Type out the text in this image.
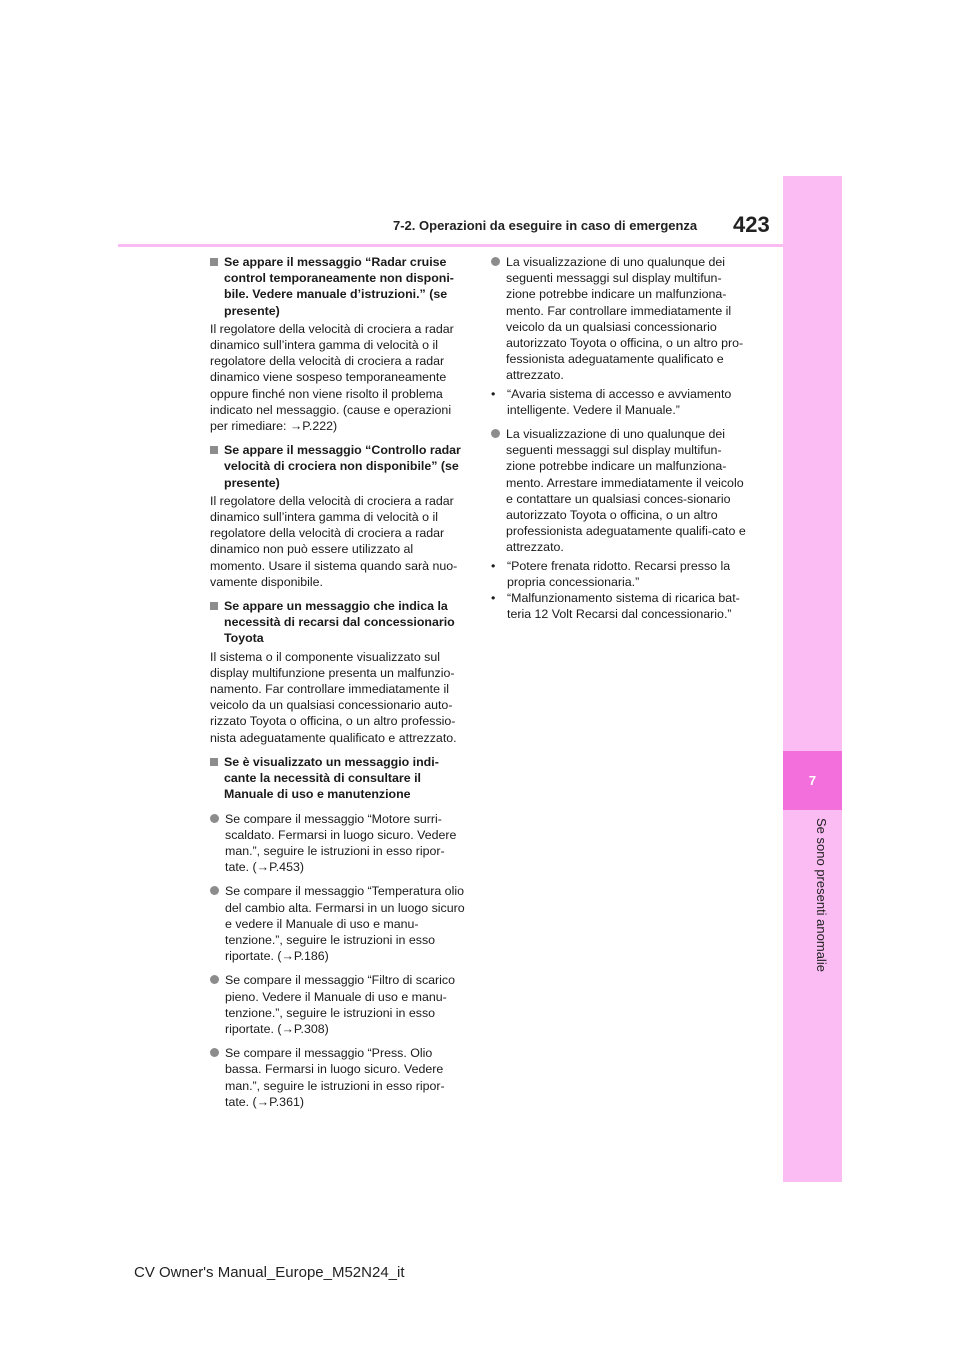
7
Se sono presenti anomalie
7-2. Operazioni da eseguire in caso di emergenza 423
Se appare il messaggio “Radar cruise control temporaneamente non disponi-bile. Vedere manuale d’istruzioni.” (se presente)

Il regolatore della velocità di crociera a radar dinamico sull’intera gamma di velocità o il regolatore della velocità di crociera a radar dinamico viene sospeso temporaneamente oppure finché non viene risolto il problema indicato nel messaggio. (cause e operazioni per rimediare: →P.222)

Se appare il messaggio “Controllo radar velocità di crociera non disponibile” (se presente)

Il regolatore della velocità di crociera a radar dinamico sull’intera gamma di velocità o il regolatore della velocità di crociera a radar dinamico non può essere utilizzato al momento. Usare il sistema quando sarà nuo-vamente disponibile.

Se appare un messaggio che indica la necessità di recarsi dal concessionario Toyota

Il sistema o il componente visualizzato sul display multifunzione presenta un malfunzio-namento. Far controllare immediatamente il veicolo da un qualsiasi concessionario auto-rizzato Toyota o officina, o un altro professio-nista adeguatamente qualificato e attrezzato.

Se è visualizzato un messaggio indi-cante la necessità di consultare il Manuale di uso e manutenzione
Se compare il messaggio “Motore surri-scaldato. Fermarsi in luogo sicuro. Vedere man.”, seguire le istruzioni in esso ripor-tate. (→P.453)
Se compare il messaggio “Temperatura olio del cambio alta. Fermarsi in un luogo sicuro e vedere il Manuale di uso e manu-tenzione.”, seguire le istruzioni in esso riportate. (→P.186)
Se compare il messaggio “Filtro di scarico pieno. Vedere il Manuale di uso e manu-tenzione.”, seguire le istruzioni in esso riportate. (→P.308)
Se compare il messaggio “Press. Olio bassa. Fermarsi in luogo sicuro. Vedere man.”, seguire le istruzioni in esso ripor-tate. (→P.361)
La visualizzazione di uno qualunque dei seguenti messaggi sul display multifun-zione potrebbe indicare un malfunziona-mento. Far controllare immediatamente il veicolo da un qualsiasi concessionario autorizzato Toyota o officina, o un altro pro-fessionista adeguatamente qualificato e attrezzato.
• “Avaria sistema di accesso e avviamento intelligente. Vedere il Manuale.”
La visualizzazione di uno qualunque dei seguenti messaggi sul display multifun-zione potrebbe indicare un malfunziona-mento. Arrestare immediatamente il veicolo e contattare un qualsiasi conces-sionario autorizzato Toyota o officina, o un altro professionista adeguatamente qualifi-cato e attrezzato.
• “Potere frenata ridotto. Recarsi presso la propria concessionaria.”
• “Malfunzionamento sistema di ricarica bat-teria 12 Volt Recarsi dal concessionario.”
CV Owner's Manual_Europe_M52N24_it
